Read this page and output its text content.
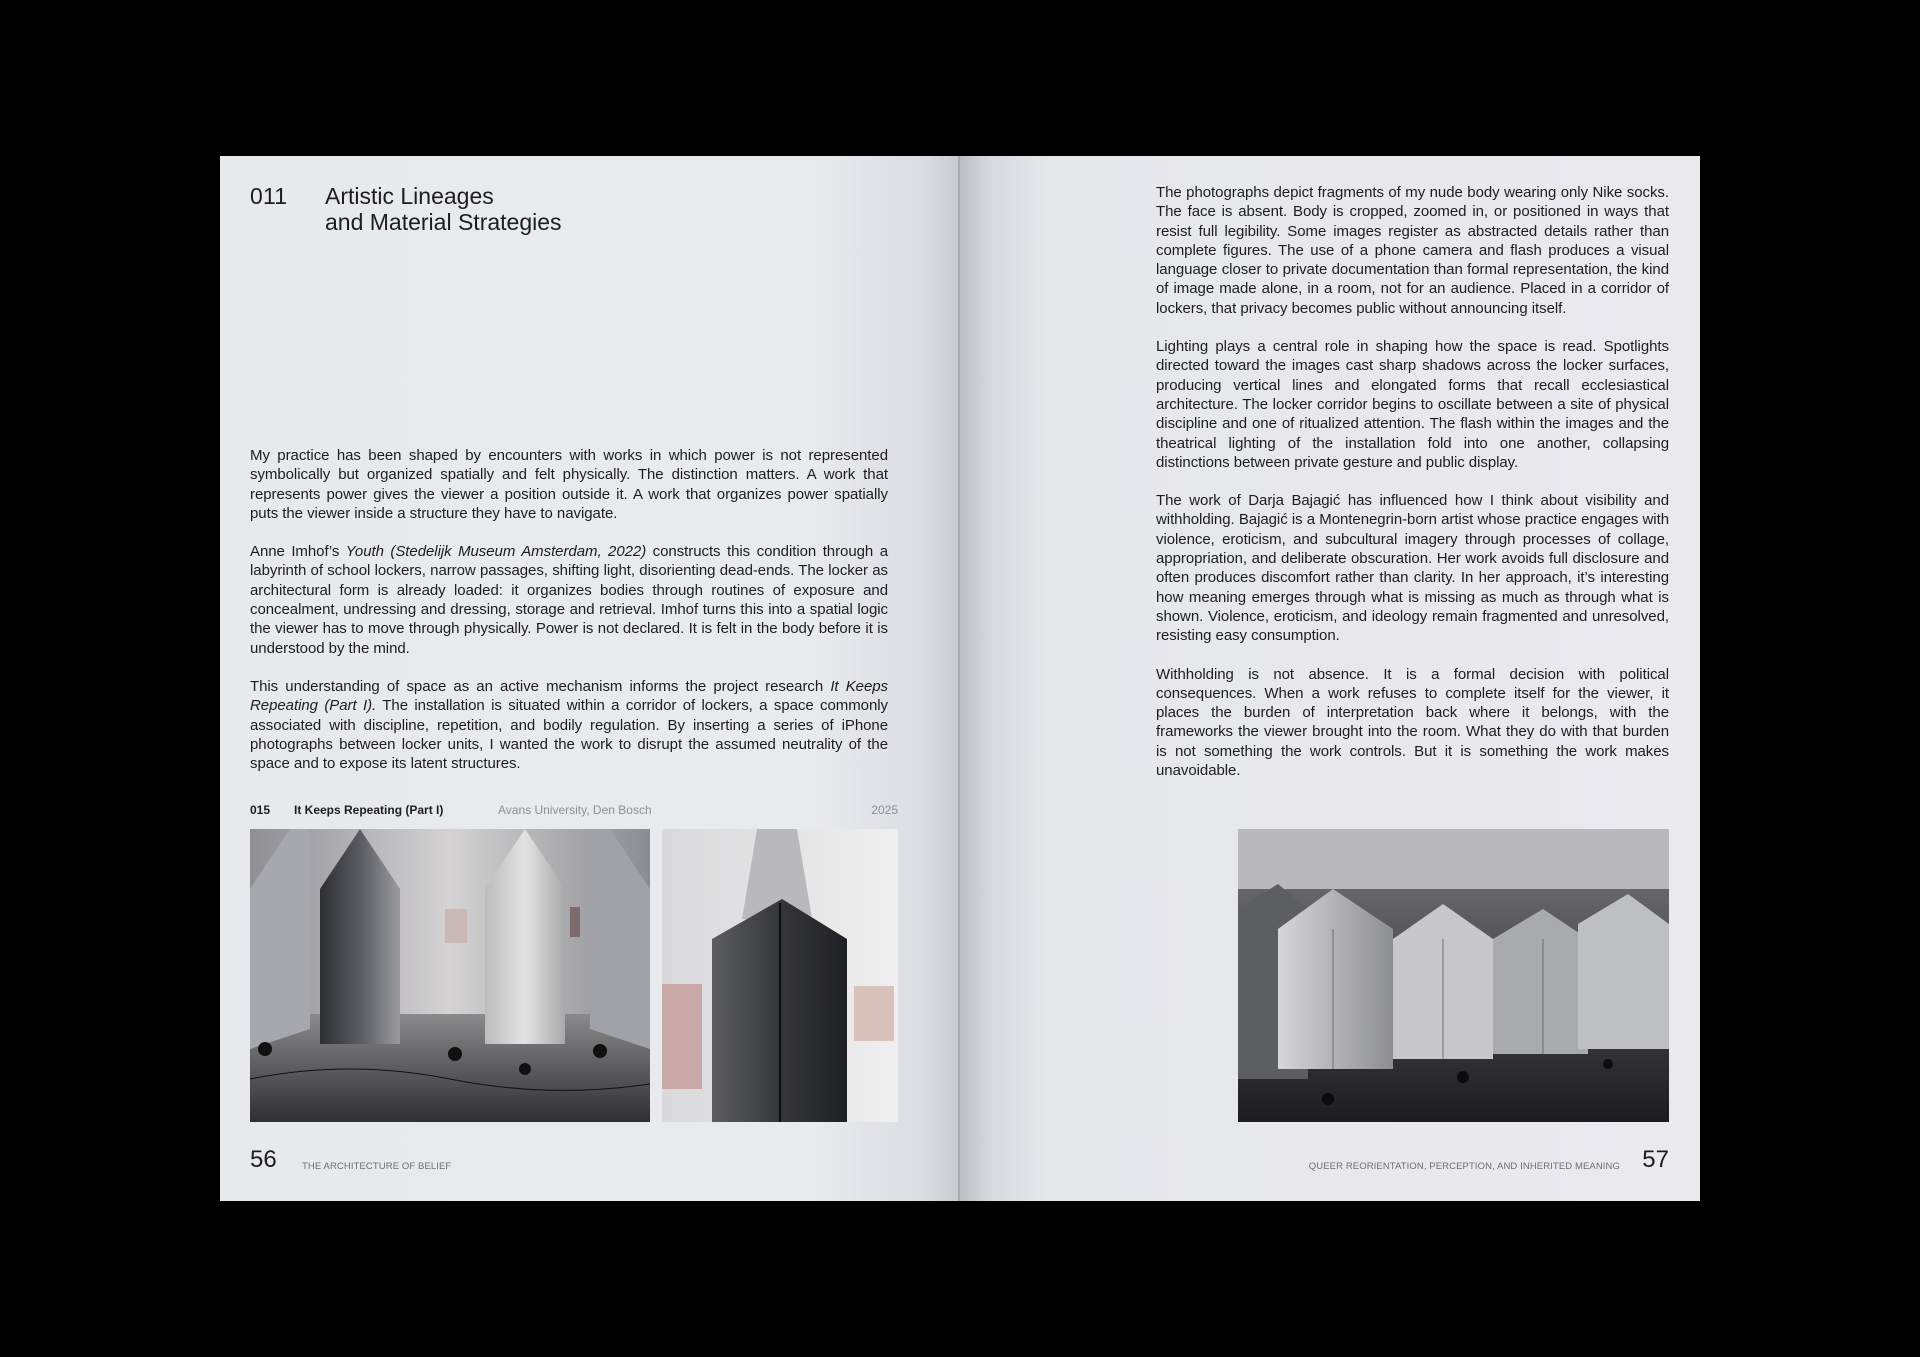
011 Artistic Lineages
and Material Strategies

My practice has been shaped by encounters with works in which power is not represented symbolically but organized spatially and felt physically. The distinction matters. A work that represents power gives the viewer a position outside it. A work that organizes power spatially puts the viewer inside a structure they have to navigate.

Anne Imhof’s Youth (Stedelijk Museum Amsterdam, 2022) constructs this condition through a labyrinth of school lockers, narrow passages, shifting light, disorienting dead-ends. The locker as architectural form is already loaded: it organizes bodies through routines of exposure and concealment, undressing and dressing, storage and retrieval. Imhof turns this into a spatial logic the viewer has to move through physically. Power is not declared. It is felt in the body before it is understood by the mind.

This understanding of space as an active mechanism informs the project research It Keeps Repeating (Part I). The installation is situated within a corridor of lockers, a space commonly associated with discipline, repetition, and bodily regulation. By inserting a series of iPhone photographs between locker units, I wanted the work to disrupt the assumed neutrality of the space and to expose its latent structures.

015 It Keeps Repeating (Part I)	Avans University, Den Bosch	2025
56	THE ARCHITECTURE OF BELIEF

The photographs depict fragments of my nude body wearing only Nike socks. The face is absent. Body is cropped, zoomed in, or positioned in ways that resist full legibility. Some images register as abstracted details rather than complete figures. The use of a phone camera and flash produces a visual language closer to private documentation than formal representation, the kind of image made alone, in a room, not for an audience. Placed in a corridor of lockers, that privacy becomes public without announcing itself.

Lighting plays a central role in shaping how the space is read. Spotlights directed toward the images cast sharp shadows across the locker surfaces, producing vertical lines and elongated forms that recall ecclesiastical architecture. The locker corridor begins to oscillate between a site of physical discipline and one of ritualized attention. The flash within the images and the theatrical lighting of the installation fold into one another, collapsing distinctions between private gesture and public display.

The work of Darja Bajagić has influenced how I think about visibility and withholding. Bajagić is a Montenegrin-born artist whose practice engages with violence, eroticism, and subcultural imagery through processes of collage, appropriation, and deliberate obscuration. Her work avoids full disclosure and often produces discomfort rather than clarity. In her approach, it’s interesting how meaning emerges through what is missing as much as through what is shown. Violence, eroticism, and ideology remain fragmented and unresolved, resisting easy consumption.

Withholding is not absence. It is a formal decision with political consequences. When a work refuses to complete itself for the viewer, it places the burden of interpretation back where it belongs, with the frameworks the viewer brought into the room. What they do with that burden is not something the work controls. But it is something the work makes unavoidable.

QUEER REORIENTATION, PERCEPTION, AND INHERITED MEANING 57
